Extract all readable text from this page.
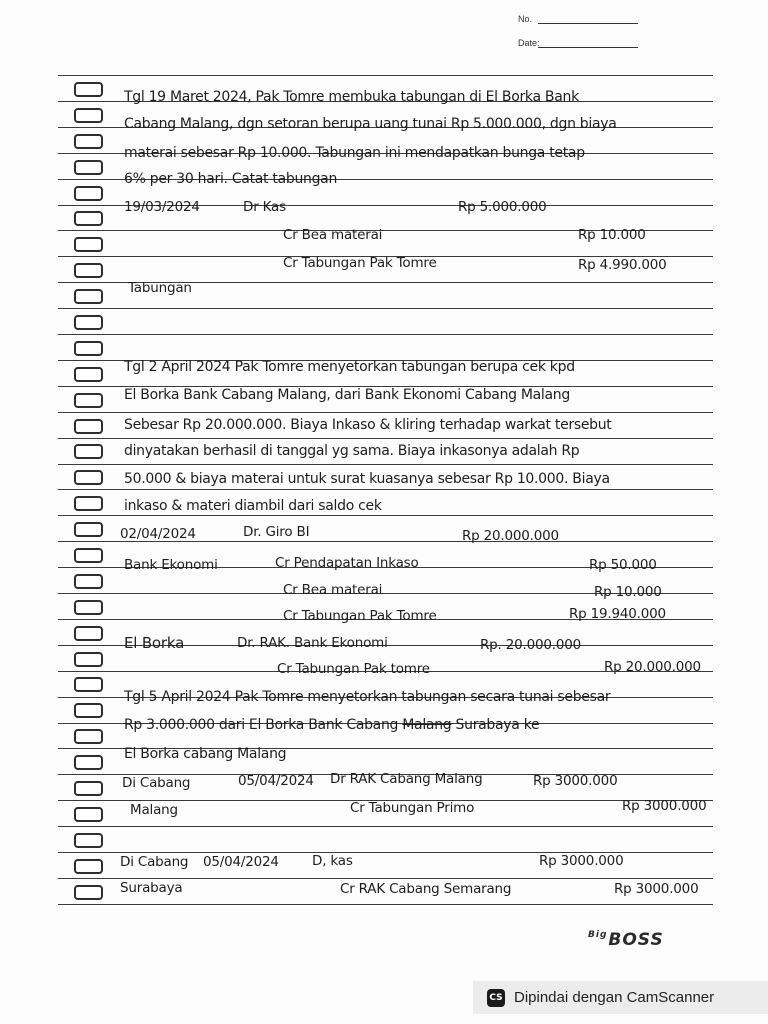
No.
Date:
Tgl 19 Maret 2024, Pak Tomre membuka tabungan di El Borka Bank
Cabang Malang, dgn setoran berupa uang tunai Rp 5.000.000, dgn biaya
materai sebesar Rp 10.000. Tabungan ini mendapatkan bunga tetap
6% per 30 hari. Catat tabungan
19/03/2024	Dr Kas	Rp 5.000.000
Cr Bea materai	Rp 10.000
Cr Tabungan Pak Tomre	Rp 4.990.000
Tabungan
Tgl 2 April 2024 Pak Tomre menyetorkan tabungan berupa cek kpd
El Borka Bank Cabang Malang, dari Bank Ekonomi Cabang Malang
Sebesar Rp 20.000.000. Biaya Inkaso & kliring terhadap warkat tersebut
dinyatakan berhasil di tanggal yg sama. Biaya inkasonya adalah Rp
50.000 & biaya materai untuk surat kuasanya sebesar Rp 10.000. Biaya
inkaso & materi diambil dari saldo cek
02/04/2024	Dr. Giro BI	Rp 20.000.000
Bank Ekonomi	Cr Pendapatan Inkaso	Rp 50.000
Cr Bea materai	Rp 10.000
Cr Tabungan Pak Tomre	Rp 19.940.000
El Borka	Dr. RAK. Bank Ekonomi	Rp. 20.000.000
Cr Tabungan Pak tomre	Rp 20.000.000
Tgl 5 April 2024 Pak Tomre menyetorkan tabungan secara tunai sebesar
Rp 3.000.000 dari El Borka Bank Cabang Malang Surabaya ke
El Borka cabang Malang
Di Cabang	05/04/2024 Dr RAK Cabang Malang	Rp 3000.000
Malang	Cr Tabungan Primo	Rp 3000.000
Di Cabang 05/04/2024 D, kas	Rp 3000.000
Surabaya	Cr RAK Cabang Semarang	Rp 3000.000
$^{Big}$BOSS
CS Dipindai dengan CamScanner
